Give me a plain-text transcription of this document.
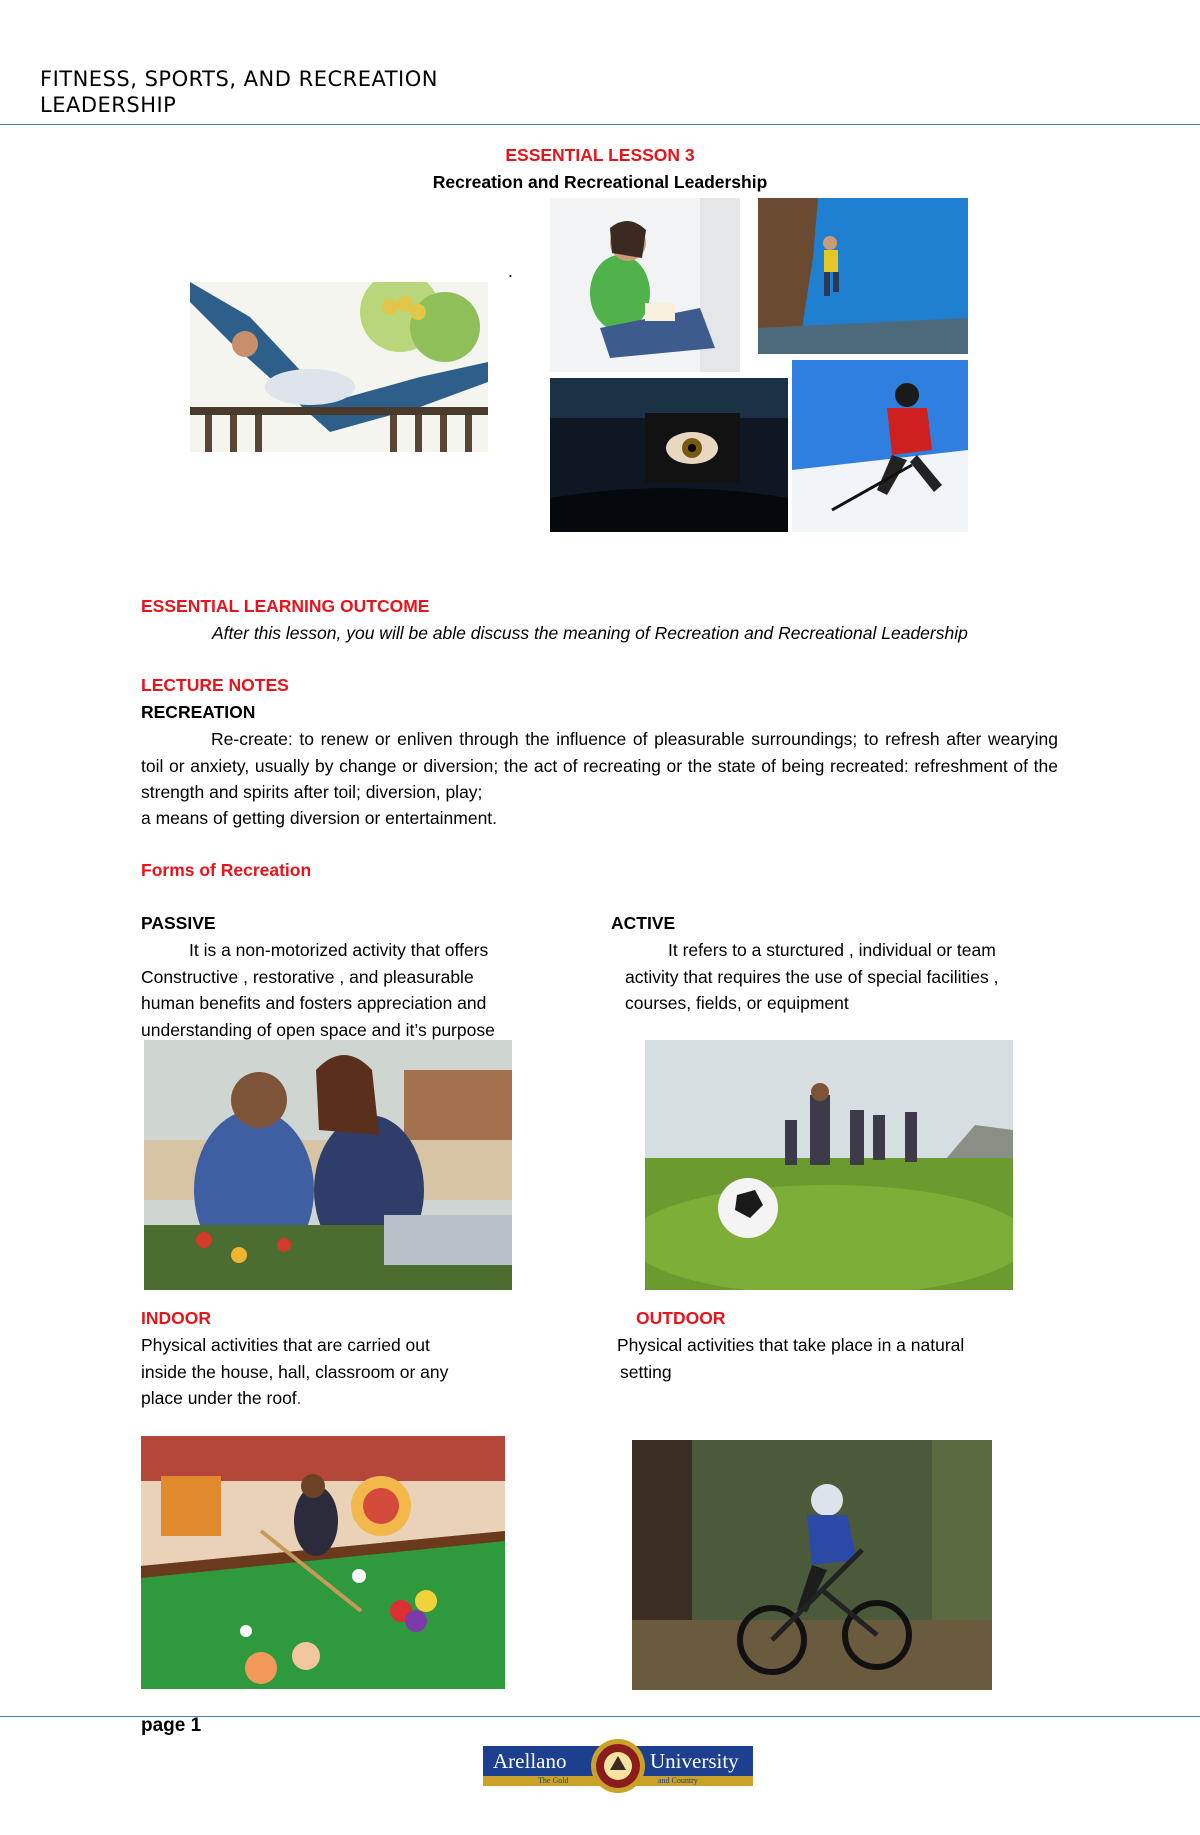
FITNESS, SPORTS, AND RECREATION
LEADERSHIP
ESSENTIAL LESSON 3
Recreation and Recreational Leadership
.
ESSENTIAL LEARNING OUTCOME
After this lesson, you will be able discuss the meaning of Recreation and Recreational Leadership
LECTURE NOTES
RECREATION
Re-create: to renew or enliven through the influence of pleasurable surroundings; to refresh after wearying toil or anxiety, usually by change or diversion; the act of recreating or the state of being recreated: refreshment of the strength and spirits after toil; diversion, play;
a means of getting diversion or entertainment.
Forms of Recreation
PASSIVE
It is a non-motorized activity that offers
Constructive , restorative , and pleasurable
human benefits and fosters appreciation and
understanding of open space and it’s purpose
ACTIVE
It refers to a sturctured , individual or team
activity that requires the use of special facilities ,
courses, fields, or equipment
INDOOR
Physical activities that are carried out
inside the house, hall, classroom or any
place under the roof.
OUTDOOR
Physical activities that take place in a natural
setting
page 1
Arellano	University
The Gold	and Country
